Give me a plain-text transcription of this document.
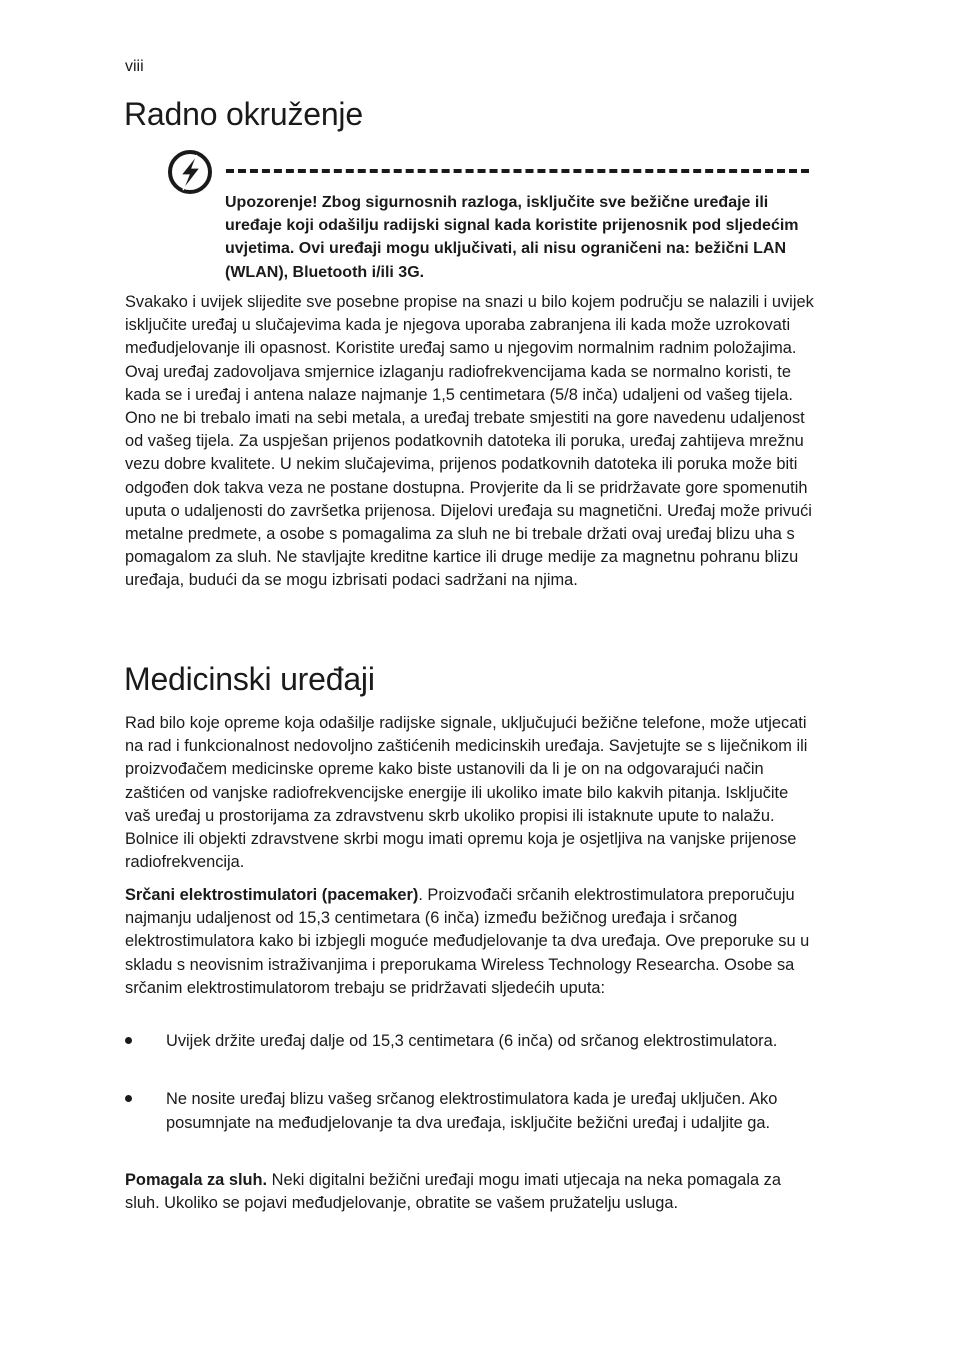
viii
Radno okruženje

Upozorenje! Zbog sigurnosnih razloga, isključite sve bežične uređaje ili uređaje koji odašilju radijski signal kada koristite prijenosnik pod sljedećim uvjetima. Ovi uređaji mogu uključivati, ali nisu ograničeni na: bežični LAN (WLAN), Bluetooth i/ili 3G.

Svakako i uvijek slijedite sve posebne propise na snazi u bilo kojem području se nalazili i uvijek isključite uređaj u slučajevima kada je njegova uporaba zabranjena ili kada može uzrokovati međudjelovanje ili opasnost. Koristite uređaj samo u njegovim normalnim radnim položajima. Ovaj uređaj zadovoljava smjernice izlaganju radiofrekvencijama kada se normalno koristi, te kada se i uređaj i antena nalaze najmanje 1,5 centimetara (5/8 inča) udaljeni od vašeg tijela. Ono ne bi trebalo imati na sebi metala, a uređaj trebate smjestiti na gore navedenu udaljenost od vašeg tijela. Za uspješan prijenos podatkovnih datoteka ili poruka, uređaj zahtijeva mrežnu vezu dobre kvalitete. U nekim slučajevima, prijenos podatkovnih datoteka ili poruka može biti odgođen dok takva veza ne postane dostupna. Provjerite da li se pridržavate gore spomenutih uputa o udaljenosti do završetka prijenosa. Dijelovi uređaja su magnetični. Uređaj može privući metalne predmete, a osobe s pomagalima za sluh ne bi trebale držati ovaj uređaj blizu uha s pomagalom za sluh. Ne stavljajte kreditne kartice ili druge medije za magnetnu pohranu blizu uređaja, budući da se mogu izbrisati podaci sadržani na njima.

Medicinski uređaji

Rad bilo koje opreme koja odašilje radijske signale, uključujući bežične telefone, može utjecati na rad i funkcionalnost nedovoljno zaštićenih medicinskih uređaja. Savjetujte se s liječnikom ili proizvođačem medicinske opreme kako biste ustanovili da li je on na odgovarajući način zaštićen od vanjske radiofrekvencijske energije ili ukoliko imate bilo kakvih pitanja. Isključite vaš uređaj u prostorijama za zdravstvenu skrb ukoliko propisi ili istaknute upute to nalažu. Bolnice ili objekti zdravstvene skrbi mogu imati opremu koja je osjetljiva na vanjske prijenose radiofrekvencija.

Srčani elektrostimulatori (pacemaker). Proizvođači srčanih elektrostimulatora preporučuju najmanju udaljenost od 15,3 centimetara (6 inča) između bežičnog uređaja i srčanog elektrostimulatora kako bi izbjegli moguće međudjelovanje ta dva uređaja. Ove preporuke su u skladu s neovisnim istraživanjima i preporukama Wireless Technology Researcha. Osobe sa srčanim elektrostimulatorom trebaju se pridržavati sljedećih uputa:

Uvijek držite uređaj dalje od 15,3 centimetara (6 inča) od srčanog elektrostimulatora.

Ne nosite uređaj blizu vašeg srčanog elektrostimulatora kada je uređaj uključen. Ako posumnjate na međudjelovanje ta dva uređaja, isključite bežični uređaj i udaljite ga.

Pomagala za sluh. Neki digitalni bežični uređaji mogu imati utjecaja na neka pomagala za sluh. Ukoliko se pojavi međudjelovanje, obratite se vašem pružatelju usluga.
